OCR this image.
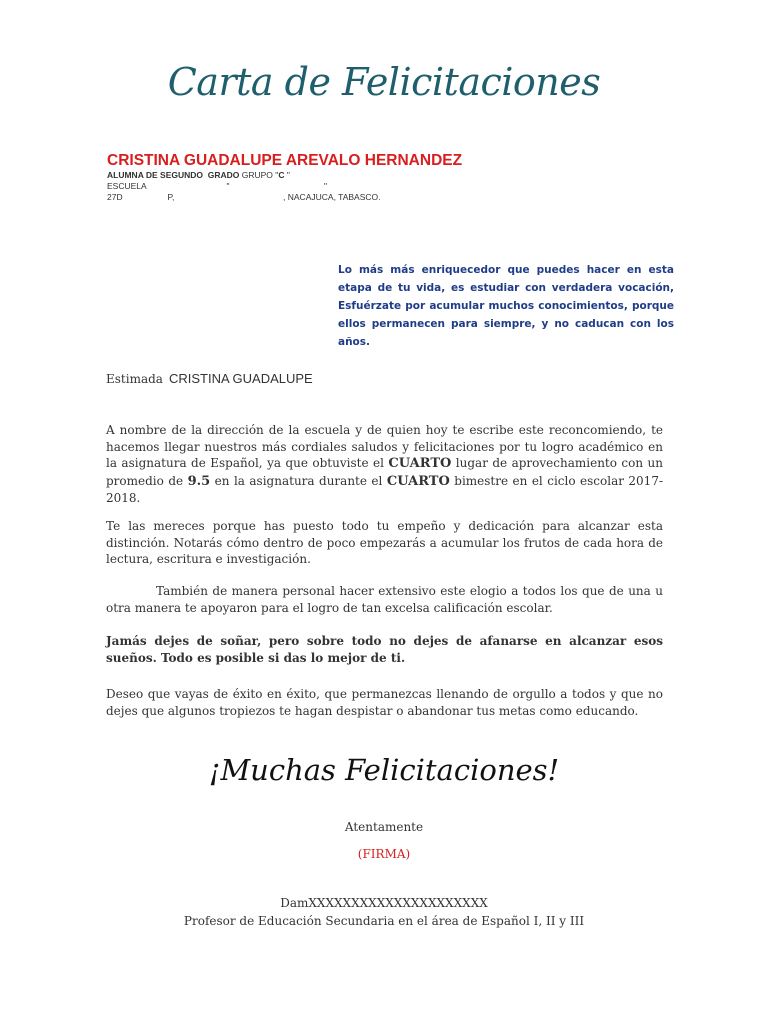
Carta de Felicitaciones
CRISTINA GUADALUPE AREVALO HERNANDEZ
ALUMNA DE SEGUNDO  GRADO GRUPO "C "
ESCUELA                                  "                                        "
27D                   P,                                              , NACAJUCA, TABASCO.
Lo más más enriquecedor que puedes hacer en esta etapa de tu vida, es estudiar con verdadera vocación, Esfuérzate por acumular muchos conocimientos, porque ellos permanecen para siempre, y no caducan con los años.
Estimada CRISTINA GUADALUPE
A nombre de la dirección de la escuela y de quien hoy te escribe este reconcomiendo, te hacemos llegar nuestros más cordiales saludos y felicitaciones por tu logro académico en la asignatura de Español, ya que obtuviste el CUARTO lugar de aprovechamiento con un promedio de 9.5 en la asignatura durante el CUARTO bimestre en el ciclo escolar 2017- 2018.
Te las mereces porque has puesto todo tu empeño y dedicación para alcanzar esta distinción. Notarás cómo dentro de poco empezarás a acumular los frutos de cada hora de lectura, escritura e investigación.
También de manera personal hacer extensivo este elogio a todos los que de una u otra manera te apoyaron para el logro de tan excelsa calificación escolar.
Jamás dejes de soñar, pero sobre todo no dejes de afanarse en alcanzar esos sueños. Todo es posible si das lo mejor de ti.
Deseo que vayas de éxito en éxito, que permanezcas llenando de orgullo a todos y que no dejes que algunos tropiezos te hagan despistar o abandonar tus metas como educando.
¡Muchas Felicitaciones!
Atentamente
(FIRMA)
DamXXXXXXXXXXXXXXXXXXXXX
Profesor de Educación Secundaria en el área de Español I, II y III
